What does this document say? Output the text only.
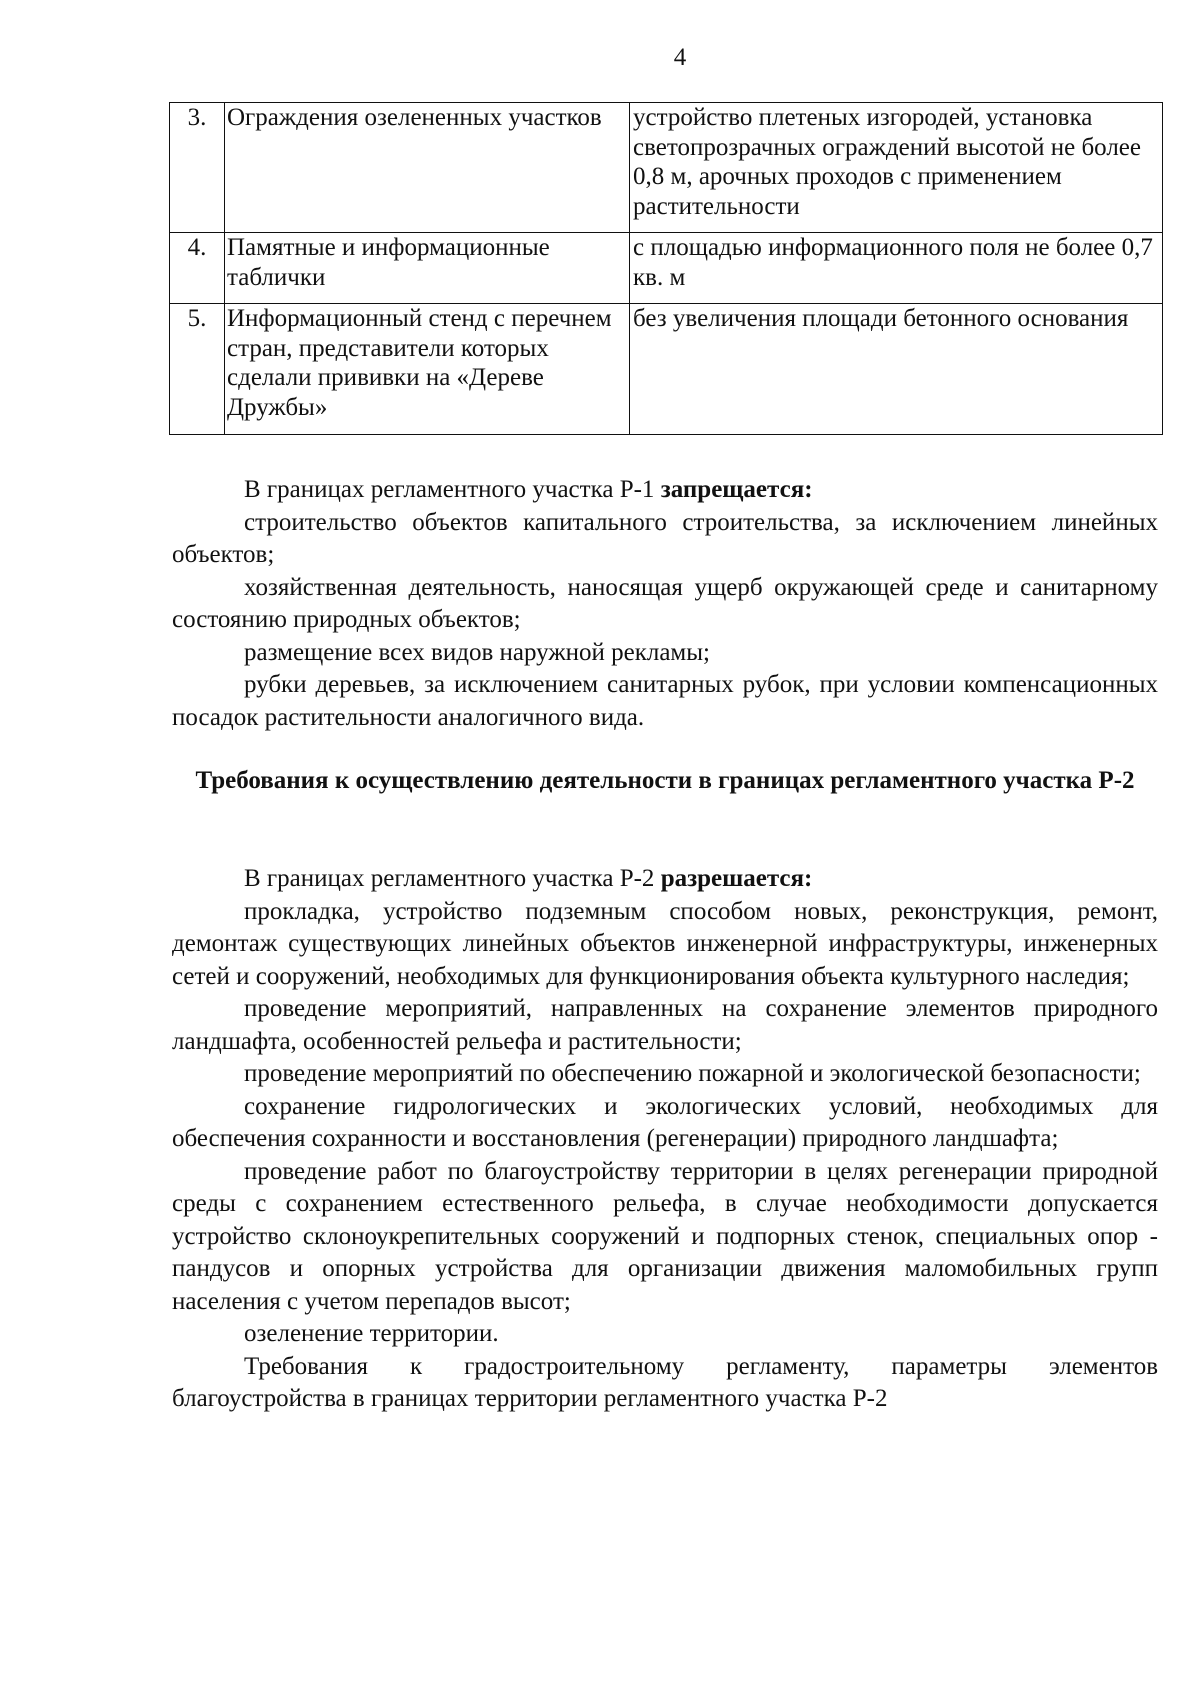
4
3.	Ограждения озелененных участков	устройство плетеных изгородей, установка светопрозрачных ограждений высотой не более 0,8 м, арочных проходов с применением растительности
4.	Памятные и информационные таблички	с площадью информационного поля не более 0,7 кв. м
5.	Информационный стенд с перечнем стран, представители которых сделали прививки на «Дереве Дружбы»	без увеличения площади бетонного основания

В границах регламентного участка Р-1 запрещается:

строительство объектов капитального строительства, за исключением линейных объектов;

хозяйственная деятельность, наносящая ущерб окружающей среде и санитарному состоянию природных объектов;

размещение всех видов наружной рекламы;

рубки деревьев, за исключением санитарных рубок, при условии компенсационных посадок растительности аналогичного вида.

Требования к осуществлению деятельности в границах регламентного участка Р-2

В границах регламентного участка Р-2 разрешается:

прокладка, устройство подземным способом новых, реконструкция, ремонт, демонтаж существующих линейных объектов инженерной инфраструктуры, инженерных сетей и сооружений, необходимых для функционирования объекта культурного наследия;

проведение мероприятий, направленных на сохранение элементов природного ландшафта, особенностей рельефа и растительности;

проведение мероприятий по обеспечению пожарной и экологической безопасности;

сохранение гидрологических и экологических условий, необходимых для обеспечения сохранности и восстановления (регенерации) природного ландшафта;

проведение работ по благоустройству территории в целях регенерации природной среды с сохранением естественного рельефа, в случае необходимости допускается устройство склоноукрепительных сооружений и подпорных стенок, специальных опор - пандусов и опорных устройства для организации движения маломобильных групп населения с учетом перепадов высот;

озеленение территории.

Требования к градостроительному регламенту, параметры элементов благоустройства в границах территории регламентного участка Р-2
